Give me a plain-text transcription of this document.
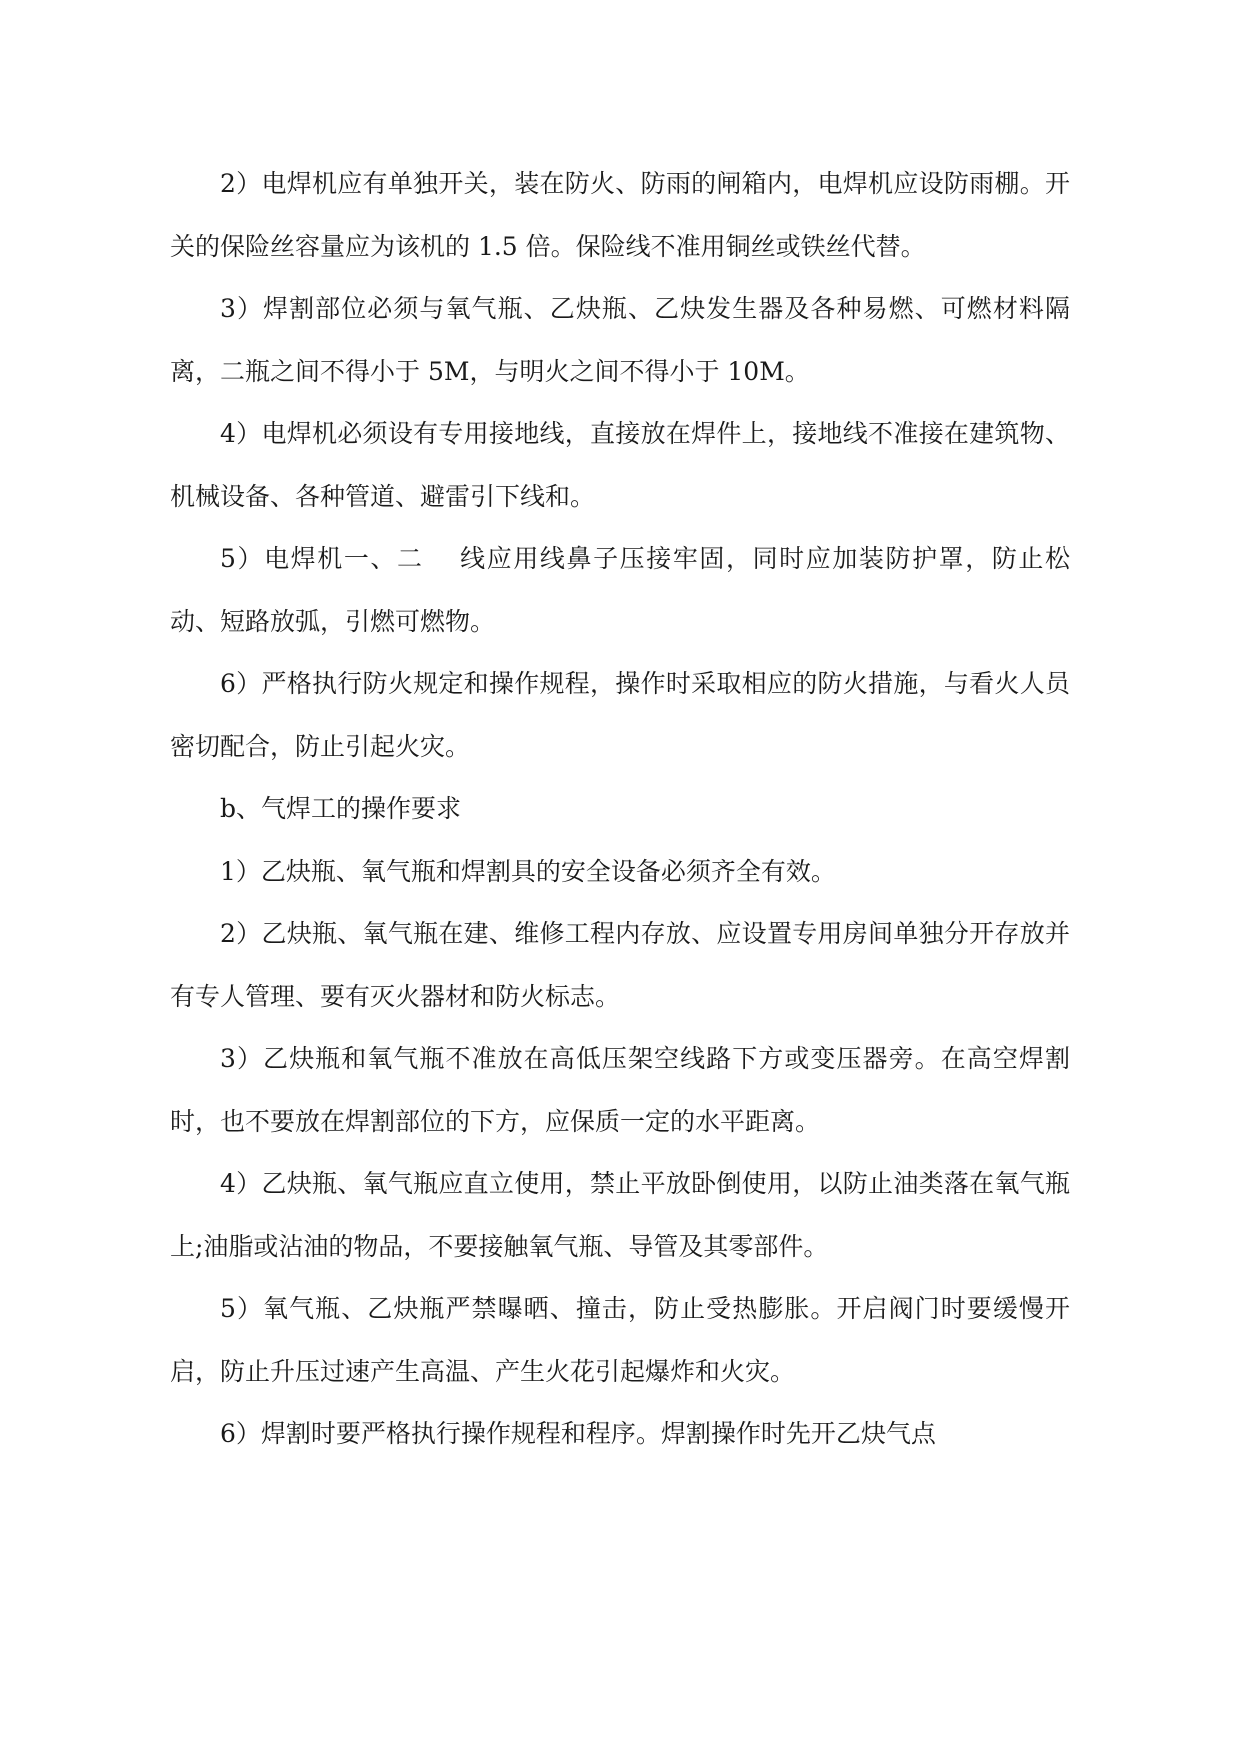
2）电焊机应有单独开关，装在防火、防雨的闸箱内，电焊机应设防雨棚。开关的保险丝容量应为该机的 1.5 倍。保险线不准用铜丝或铁丝代替。

3）焊割部位必须与氧气瓶、乙炔瓶、乙炔发生器及各种易燃、可燃材料隔离，二瓶之间不得小于 5M，与明火之间不得小于 10M。

4）电焊机必须设有专用接地线，直接放在焊件上，接地线不准接在建筑物、机械设备、各种管道、避雷引下线和。

5）电焊机一、二 线应用线鼻子压接牢固，同时应加装防护罩，防止松动、短路放弧，引燃可燃物。

6）严格执行防火规定和操作规程，操作时采取相应的防火措施，与看火人员密切配合，防止引起火灾。

b、气焊工的操作要求

1）乙炔瓶、氧气瓶和焊割具的安全设备必须齐全有效。

2）乙炔瓶、氧气瓶在建、维修工程内存放、应设置专用房间单独分开存放并有专人管理、要有灭火器材和防火标志。

3）乙炔瓶和氧气瓶不准放在高低压架空线路下方或变压器旁。在高空焊割时，也不要放在焊割部位的下方，应保质一定的水平距离。

4）乙炔瓶、氧气瓶应直立使用，禁止平放卧倒使用，以防止油类落在氧气瓶上;油脂或沾油的物品，不要接触氧气瓶、导管及其零部件。

5）氧气瓶、乙炔瓶严禁曝晒、撞击，防止受热膨胀。开启阀门时要缓慢开启，防止升压过速产生高温、产生火花引起爆炸和火灾。

6）焊割时要严格执行操作规程和程序。焊割操作时先开乙炔气点
